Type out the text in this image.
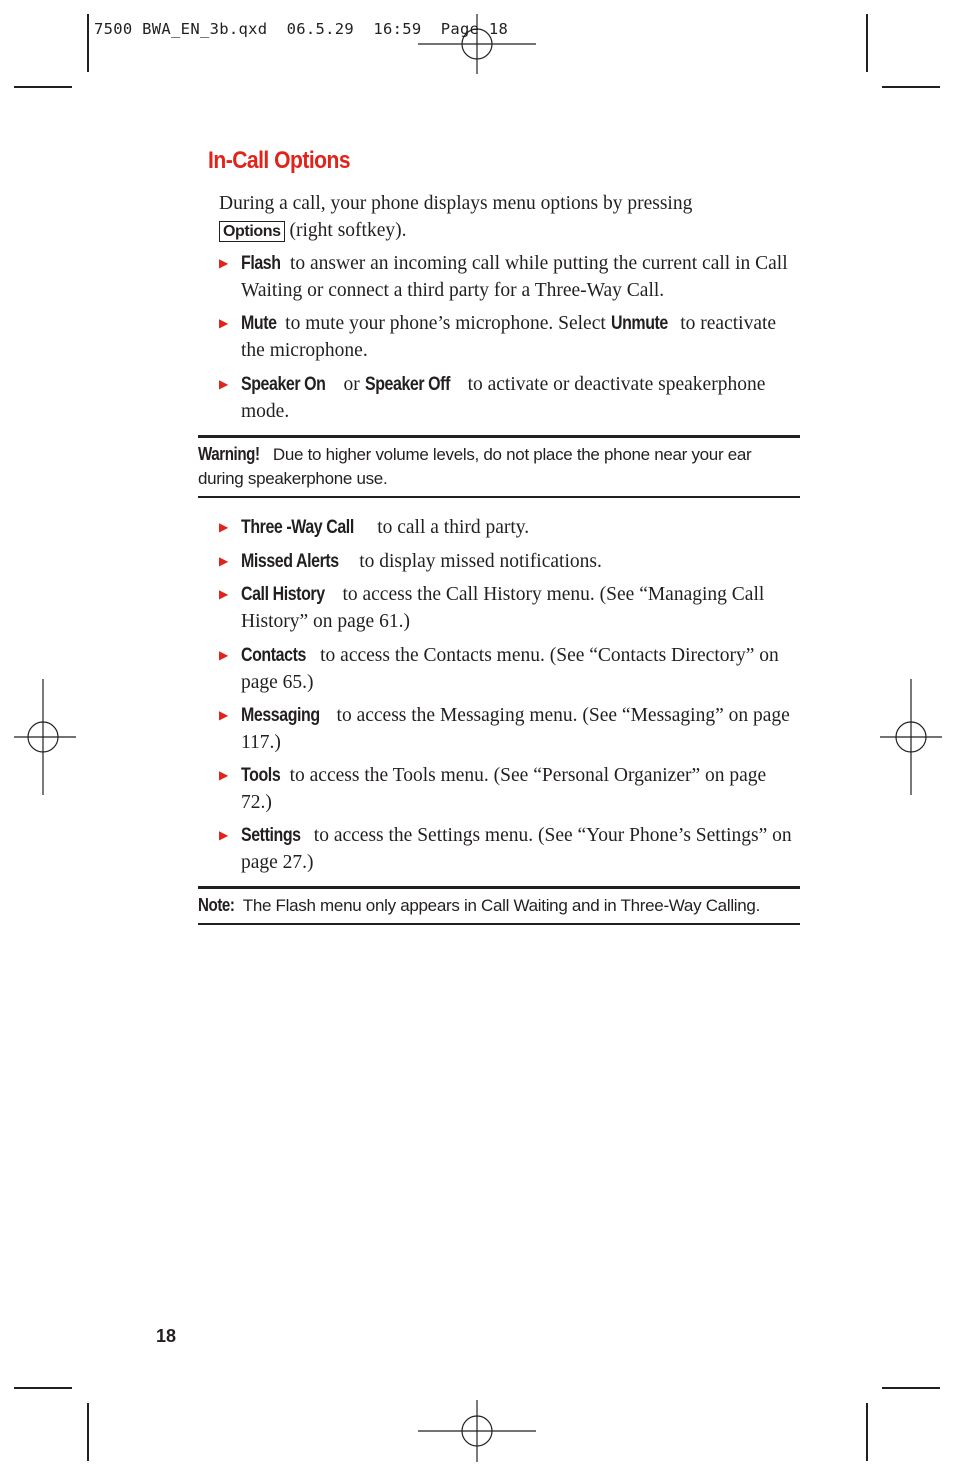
7500 BWA_EN_3b.qxd  06.5.29  16:59  Page 18
In-Call Options
During a call, your phone displays menu options by pressing
Options (right softkey).
▶ Flash to answer an incoming call while putting the current call in Call Waiting or connect a third party for a Three-Way Call.
▶ Mute to mute your phone’s microphone. Select Unmute to reactivate the microphone.
▶ Speaker On or Speaker Off to activate or deactivate speakerphone mode.
Warning! Due to higher volume levels, do not place the phone near your ear during speakerphone use.
▶ Three -Way Call to call a third party.
▶ Missed Alerts to display missed notifications.
▶ Call History to access the Call History menu. (See “Managing Call History” on page 61.)
▶ Contacts to access the Contacts menu. (See “Contacts Directory” on page 65.)
▶ Messaging to access the Messaging menu. (See “Messaging” on page 117.)
▶ Tools to access the Tools menu. (See “Personal Organizer” on page 72.)
▶ Settings to access the Settings menu. (See “Your Phone’s Settings” on page 27.)
Note: The Flash menu only appears in Call Waiting and in Three-Way Calling.
18
